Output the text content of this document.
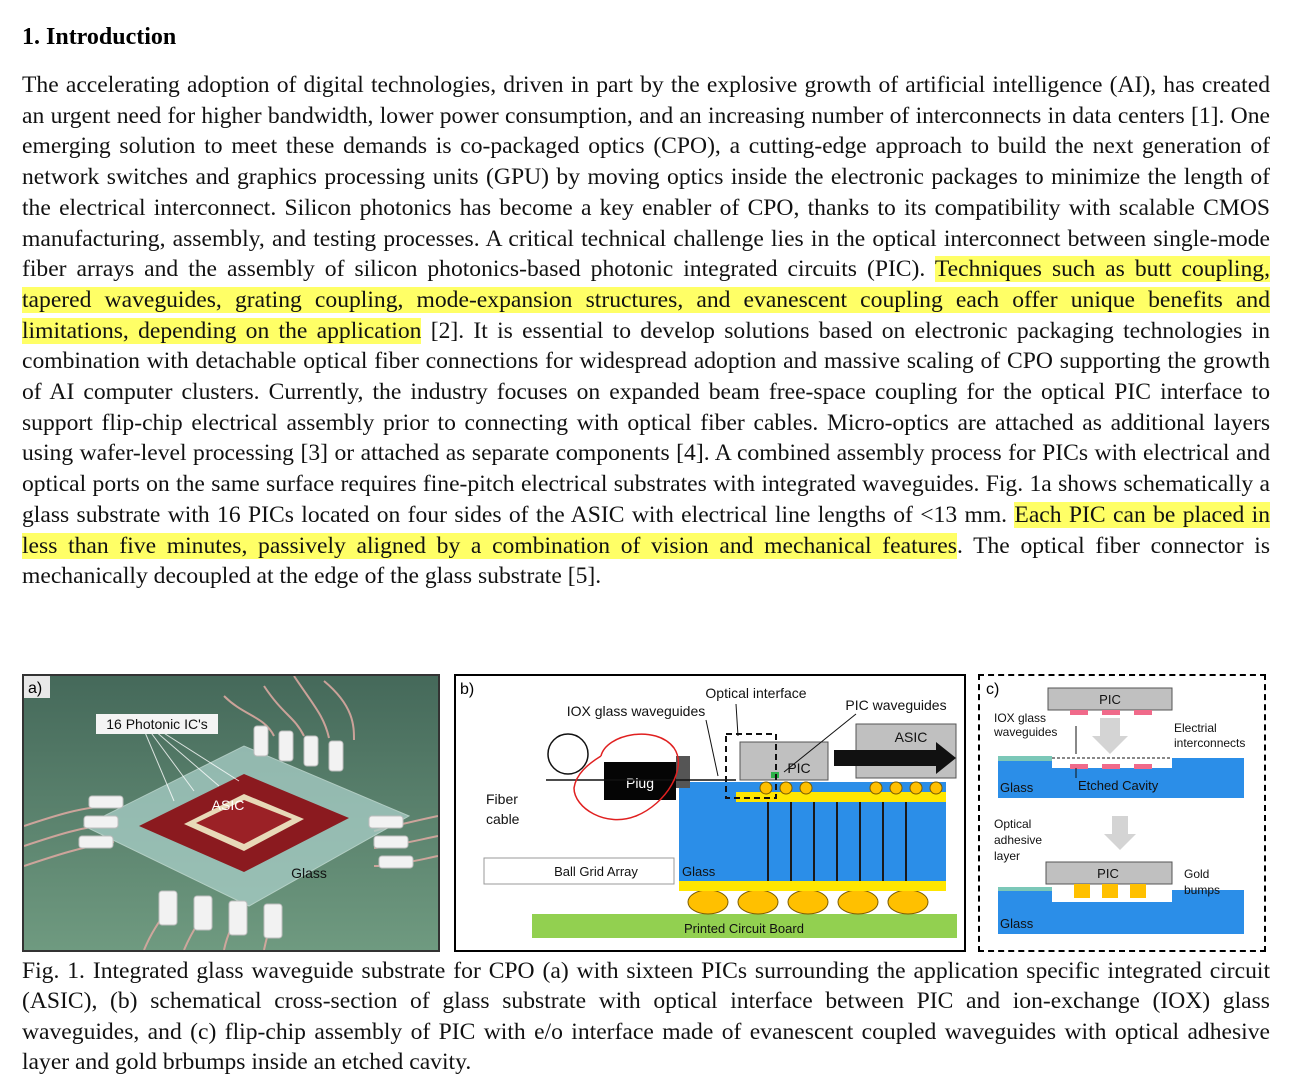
1. Introduction

The accelerating adoption of digital technologies, driven in part by the explosive growth of artificial intelligence (AI), has created an urgent need for higher bandwidth, lower power consumption, and an increasing number of interconnects in data centers [1]. One emerging solution to meet these demands is co-packaged optics (CPO), a cutting-edge approach to build the next generation of network switches and graphics processing units (GPU) by moving optics inside the electronic packages to minimize the length of the electrical interconnect. Silicon photonics has become a key enabler of CPO, thanks to its compatibility with scalable CMOS manufacturing, assembly, and testing processes. A critical technical challenge lies in the optical interconnect between single-mode fiber arrays and the assembly of silicon photonics-based photonic integrated circuits (PIC). Techniques such as butt coupling, tapered waveguides, grating coupling, mode-expansion structures, and evanescent coupling each offer unique benefits and limitations, depending on the application [2]. It is essential to develop solutions based on electronic packaging technologies in combination with detachable optical fiber connections for widespread adoption and massive scaling of CPO supporting the growth of AI computer clusters. Currently, the industry focuses on expanded beam free-space coupling for the optical PIC interface to support flip-chip electrical assembly prior to connecting with optical fiber cables. Micro-optics are attached as additional layers using wafer-level processing [3] or attached as separate components [4]. A combined assembly process for PICs with electrical and optical ports on the same surface requires fine-pitch electrical substrates with integrated waveguides. Fig. 1a shows schematically a glass substrate with 16 PICs located on four sides of the ASIC with electrical line lengths of <13 mm. Each PIC can be placed in less than five minutes, passively aligned by a combination of vision and mechanical features. The optical fiber connector is mechanically decoupled at the edge of the glass substrate [5].

16 Photonic IC's
ASIC
Glass
a)	b)
Printed Circuit Board
Glass
Ball Grid Array
PIC
ASIC
Plug
Fiber
cable
Optical interface
IOX glass waveguides	PIC waveguides
c)
PIC
Glass	Etched Cavity
IOX glass
waveguides	Electrial
interconnects
Optical
adhesive
layer
PIC
Glass
Gold
bumps

Fig. 1. Integrated glass waveguide substrate for CPO (a) with sixteen PICs surrounding the application specific integrated circuit (ASIC), (b) schematical cross-section of glass substrate with optical interface between PIC and ion-exchange (IOX) glass waveguides, and (c) flip-chip assembly of PIC with e/o interface made of evanescent coupled waveguides with optical adhesive layer and gold brbumps inside an etched cavity.
